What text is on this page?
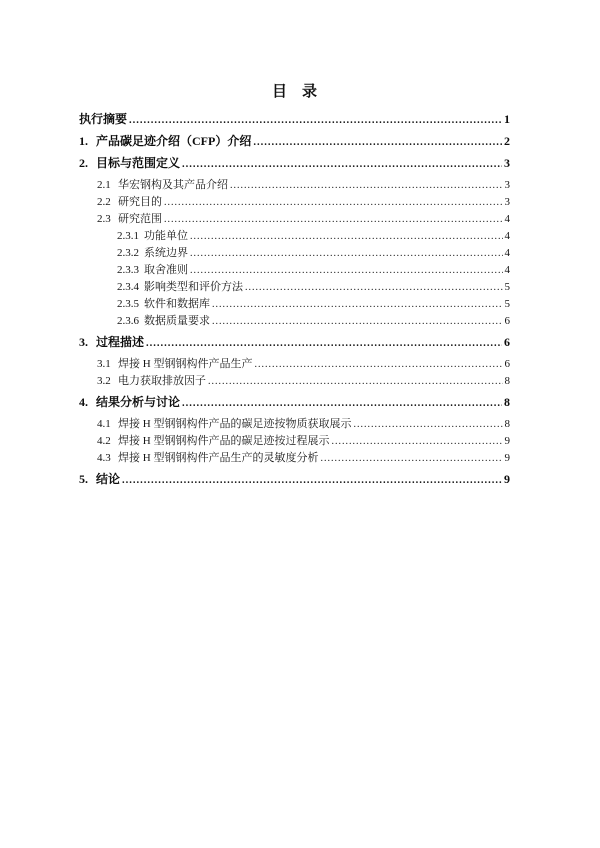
目　录
执行摘要 .....	1
1. 产品碳足迹介绍（CFP）介绍 .....	2
2. 目标与范围定义 .....	3
2.1 华宏钢构及其产品介绍 .....	3
2.2 研究目的 .....	3
2.3 研究范围 .....	4
2.3.1 功能单位 .....	4
2.3.2 系统边界 .....	4
2.3.3 取舍准则 .....	4
2.3.4 影响类型和评价方法 .....	5
2.3.5 软件和数据库 .....	5
2.3.6 数据质量要求 .....	6
3. 过程描述 .....	6
3.1 焊接 H 型钢钢构件产品生产 .....	6
3.2 电力获取排放因子 .....	8
4. 结果分析与讨论 .....	8
4.1 焊接 H 型钢钢构件产品的碳足迹按物质获取展示 .....	8
4.2 焊接 H 型钢钢构件产品的碳足迹按过程展示 .....	9
4.3 焊接 H 型钢钢构件产品生产的灵敏度分析 .....	9
5. 结论 .....	9
